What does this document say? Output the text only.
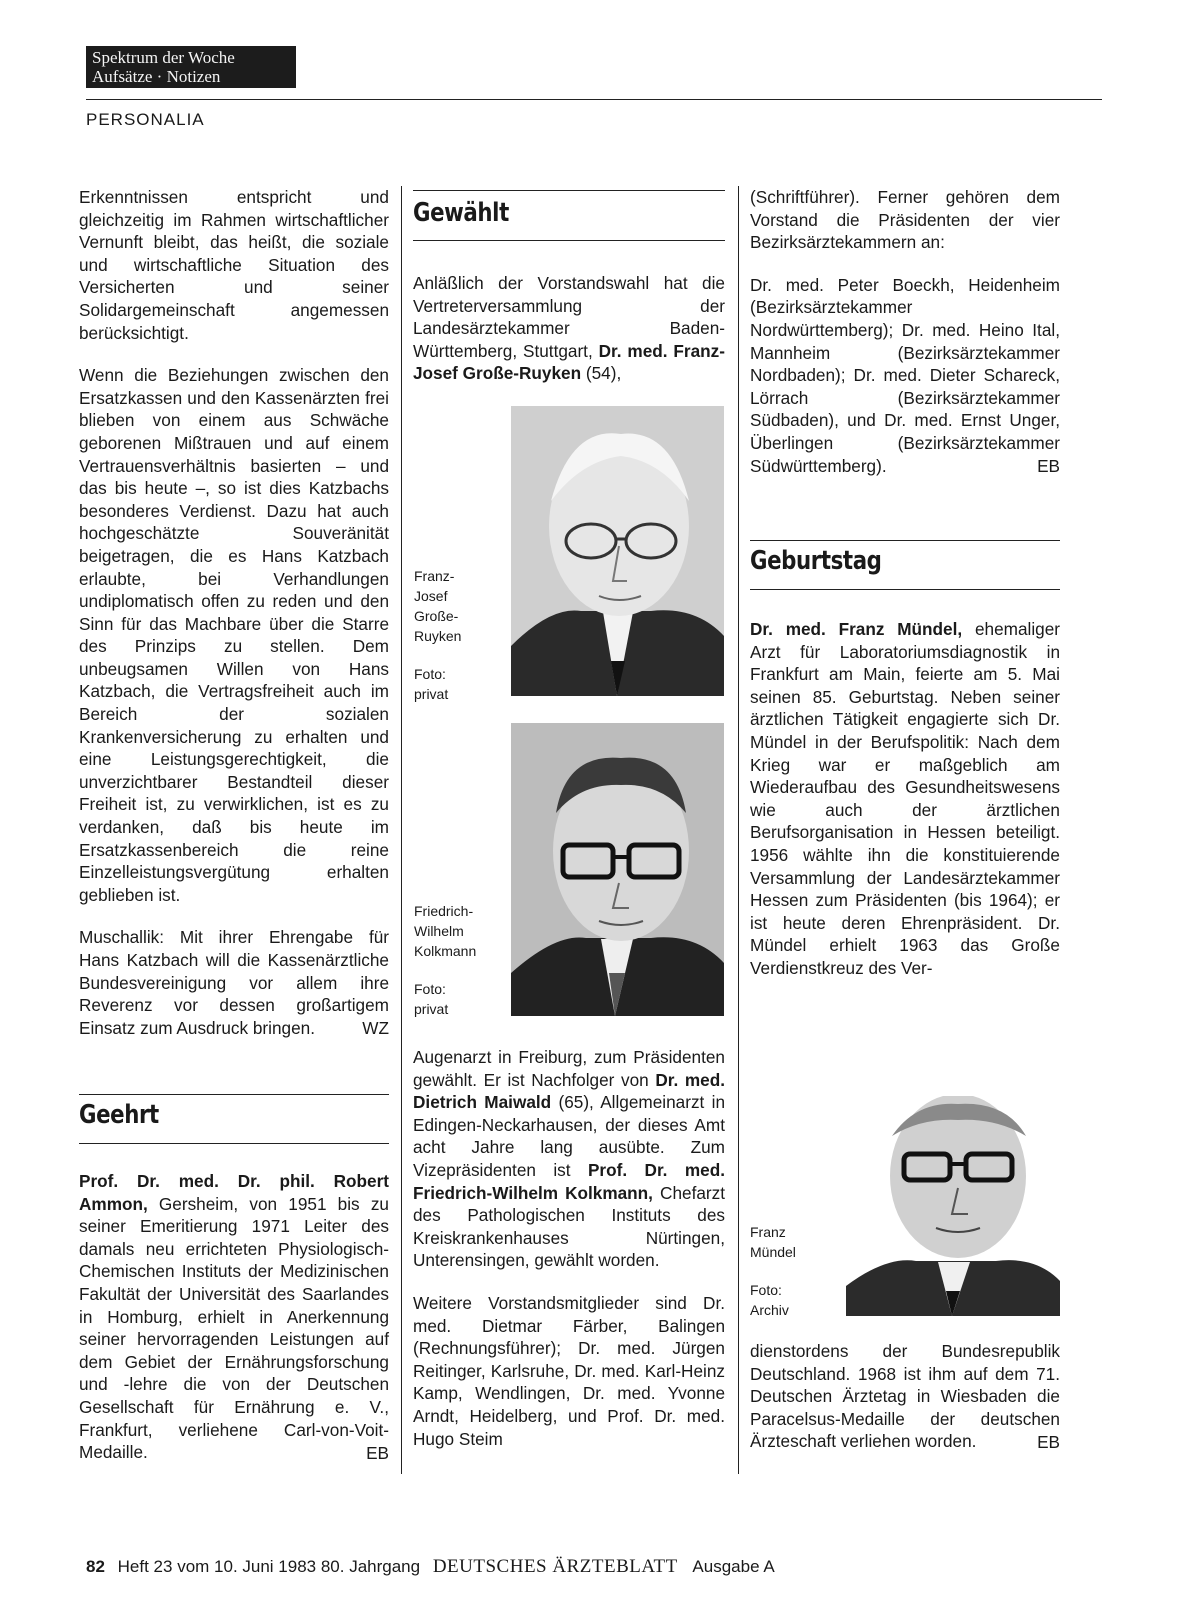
Spektrum der Woche
Aufsätze · Notizen
PERSONALIA

Erkenntnissen entspricht und gleichzeitig im Rahmen wirtschaftlicher Vernunft bleibt, das heißt, die soziale und wirtschaftliche Situation des Versicherten und seiner Solidargemeinschaft angemessen berücksichtigt.

Wenn die Beziehungen zwischen den Ersatzkassen und den Kassenärzten frei blieben von einem aus Schwäche geborenen Mißtrauen und auf einem Vertrauensverhältnis basierten – und das bis heute –, so ist dies Katzbachs besonderes Verdienst. Dazu hat auch hochgeschätzte Souveränität beigetragen, die es Hans Katzbach erlaubte, bei Verhandlungen undiplomatisch offen zu reden und den Sinn für das Machbare über die Starre des Prinzips zu stellen. Dem unbeugsamen Willen von Hans Katzbach, die Vertragsfreiheit auch im Bereich der sozialen Krankenversicherung zu erhalten und eine Leistungsgerechtigkeit, die unverzichtbarer Bestandteil dieser Freiheit ist, zu verwirklichen, ist es zu verdanken, daß bis heute im Ersatzkassenbereich die reine Einzelleistungsvergütung erhalten geblieben ist.

Muschallik: Mit ihrer Ehrengabe für Hans Katzbach will die Kassenärztliche Bundesvereinigung vor allem ihre Reverenz vor dessen großartigem Einsatz zum Ausdruck bringen.	WZ
Geehrt

Prof. Dr. med. Dr. phil. Robert Ammon, Gersheim, von 1951 bis zu seiner Emeritierung 1971 Leiter des damals neu errichteten Physiologisch-Chemischen Instituts der Medizinischen Fakultät der Universität des Saarlandes in Homburg, erhielt in Anerkennung seiner hervorragenden Leistungen auf dem Gebiet der Ernährungsforschung und -lehre die von der Deutschen Gesellschaft für Ernährung e. V., Frankfurt, verliehene Carl-von-Voit-Medaille.	EB
Gewählt

Anläßlich der Vorstandswahl hat die Vertreterversammlung der Landesärztekammer Baden-Württemberg, Stuttgart, Dr. med. Franz-Josef Große-Ruyken (54),

Franz-
Josef
Große-
Ruyken
Foto:
privat
Friedrich-
Wilhelm
Kolkmann
Foto:
privat

Augenarzt in Freiburg, zum Präsidenten gewählt. Er ist Nachfolger von Dr. med. Dietrich Maiwald (65), Allgemeinarzt in Edingen-Neckarhausen, der dieses Amt acht Jahre lang ausübte. Zum Vizepräsidenten ist Prof. Dr. med. Friedrich-Wilhelm Kolkmann, Chefarzt des Pathologischen Instituts des Kreiskrankenhauses Nürtingen, Unterensingen, gewählt worden.

Weitere Vorstandsmitglieder sind Dr. med. Dietmar Färber, Balingen (Rechnungsführer); Dr. med. Jürgen Reitinger, Karlsruhe, Dr. med. Karl-Heinz Kamp, Wendlingen, Dr. med. Yvonne Arndt, Heidelberg, und Prof. Dr. med. Hugo Steim

(Schriftführer). Ferner gehören dem Vorstand die Präsidenten der vier Bezirksärztekammern an:

Dr. med. Peter Boeckh, Heidenheim (Bezirksärztekammer Nordwürttemberg); Dr. med. Heino Ital, Mannheim (Bezirksärztekammer Nordbaden); Dr. med. Dieter Schareck, Lörrach (Bezirksärztekammer Südbaden), und Dr. med. Ernst Unger, Überlingen (Bezirksärztekammer Südwürttemberg).	EB
Geburtstag

Dr. med. Franz Mündel, ehemaliger Arzt für Laboratoriumsdiagnostik in Frankfurt am Main, feierte am 5. Mai seinen 85. Geburtstag. Neben seiner ärztlichen Tätigkeit engagierte sich Dr. Mündel in der Berufspolitik: Nach dem Krieg war er maßgeblich am Wiederaufbau des Gesundheitswesens wie auch der ärztlichen Berufsorganisation in Hessen beteiligt. 1956 wählte ihn die konstituierende Versammlung der Landesärztekammer Hessen zum Präsidenten (bis 1964); er ist heute deren Ehrenpräsident. Dr. Mündel erhielt 1963 das Große Verdienstkreuz des Ver-

Franz
Mündel
Foto:
Archiv

dienstordens der Bundesrepublik Deutschland. 1968 ist ihm auf dem 71. Deutschen Ärztetag in Wiesbaden die Paracelsus-Medaille der deutschen Ärzteschaft verliehen worden.	EB
82 Heft 23 vom 10. Juni 1983 80. Jahrgang DEUTSCHES ÄRZTEBLATT Ausgabe A
